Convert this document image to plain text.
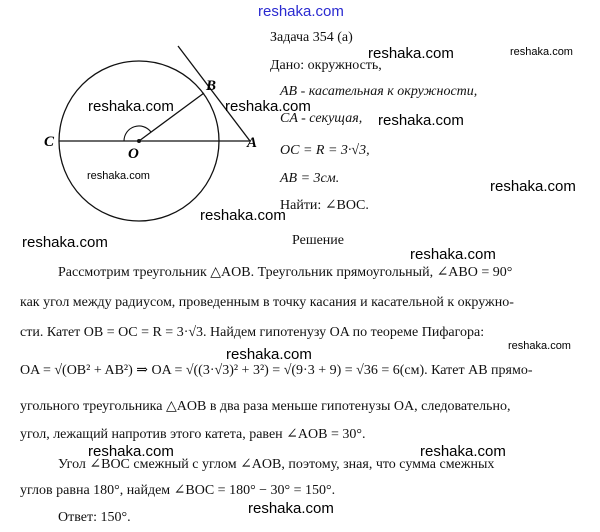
reshaka.com
B
C
O
A
Задача 354 (а)
Дано: окружность,
AB - касательная к окружности,
CA - секущая,
OC = R = 3·√3,
AB = 3см.
Найти: ∠BOC.
Решение
Рассмотрим треугольник △AOB. Треугольник прямоугольный, ∠ABO = 90°
как угол между радиусом, проведенным в точку касания и касательной к окружно-
сти. Катет OB = OC = R = 3·√3. Найдем гипотенузу OA по теореме Пифагора:
OA = √(OB² + AB²) ⇒ OA = √((3·√3)² + 3²) = √(9·3 + 9) = √36 = 6(см). Катет AB прямо-
угольного треугольника △AOB в два раза меньше гипотенузы OA, следовательно,
угол, лежащий напротив этого катета, равен ∠AOB = 30°.
Угол ∠BOC смежный с углом ∠AOB, поэтому, зная, что сумма смежных
углов равна 180°, найдем ∠BOC = 180° − 30° = 150°.
Ответ: 150°.
reshaka.com	reshaka.com
reshaka.com	reshaka.com
reshaka.com
reshaka.com
reshaka.com
reshaka.com
reshaka.com
reshaka.com
reshaka.com	reshaka.com
reshaka.com	reshaka.com
reshaka.com
